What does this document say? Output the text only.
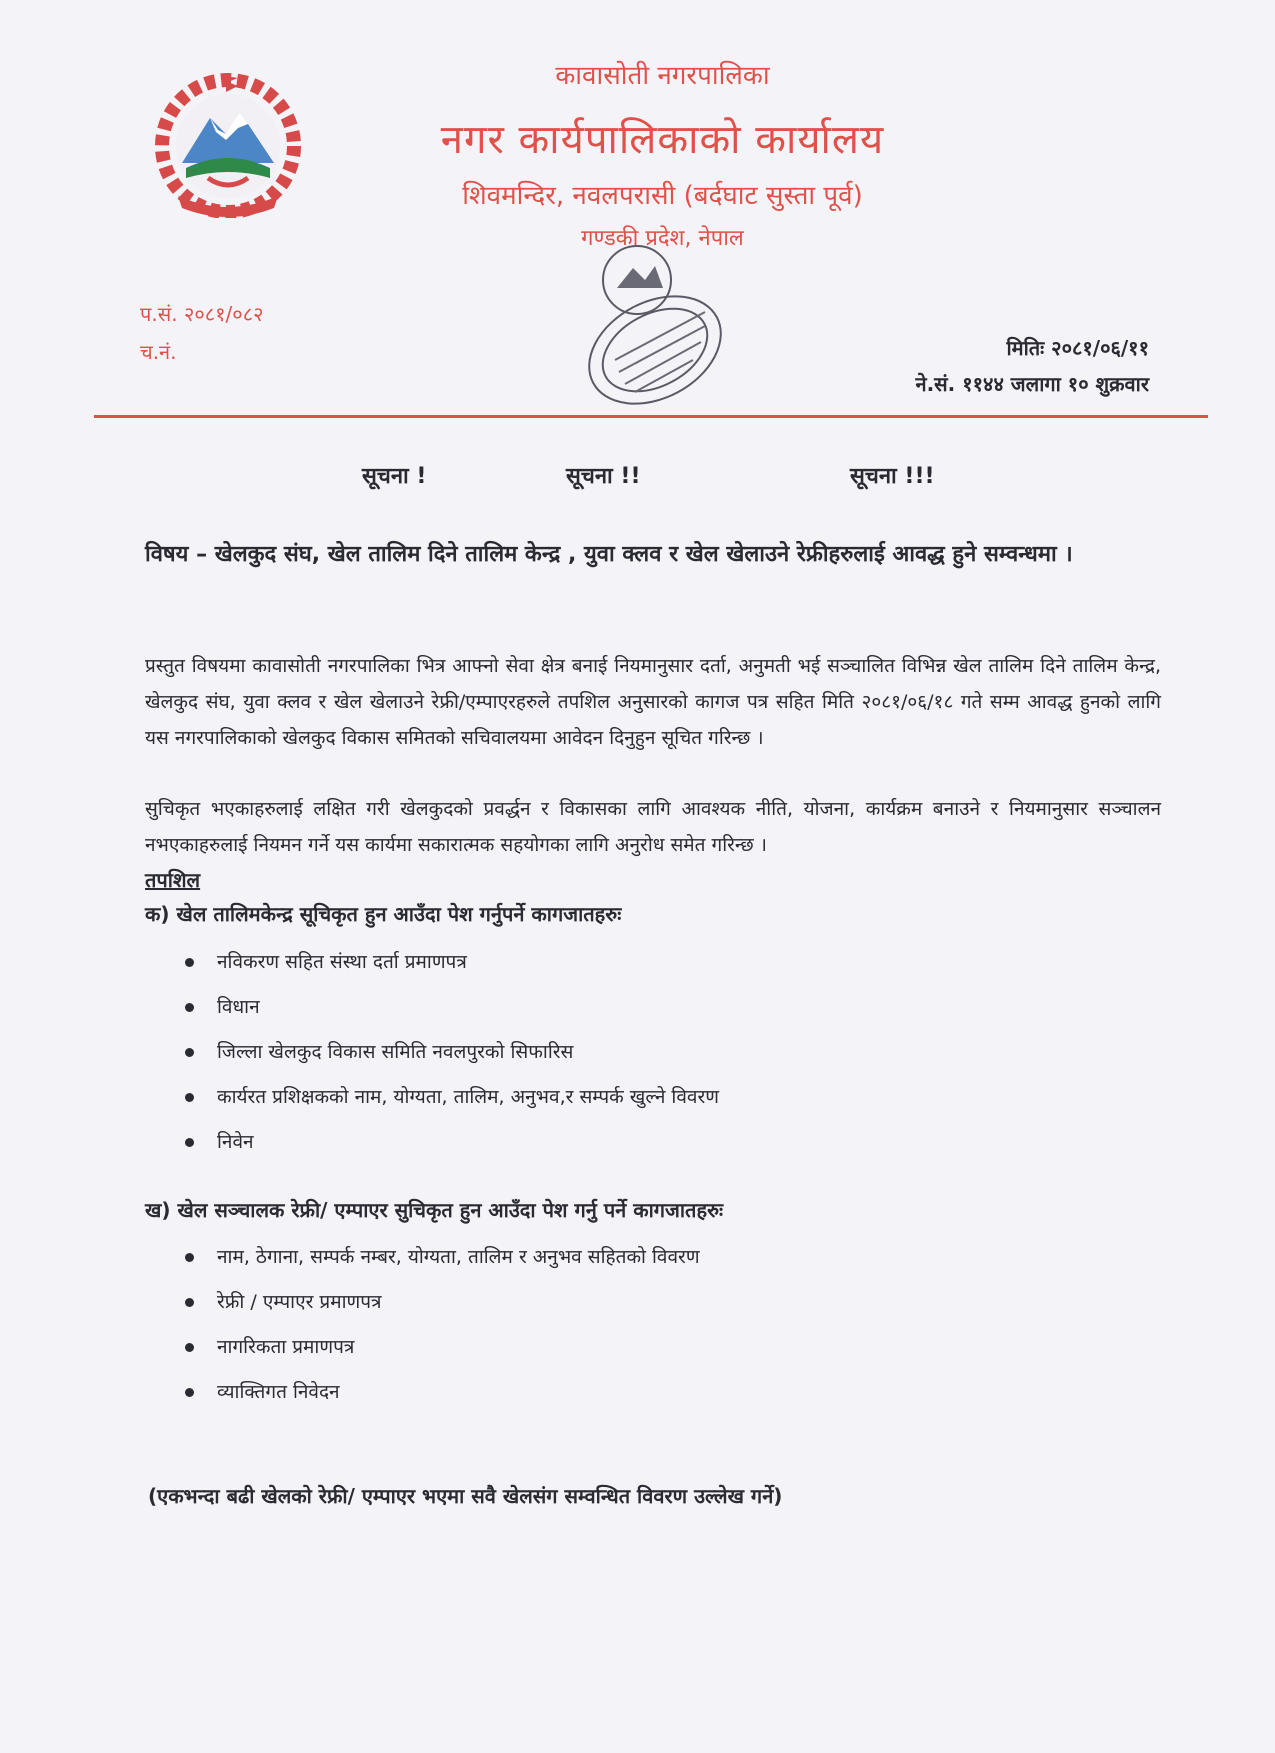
कावासोती नगरपालिका
नगर कार्यपालिकाको कार्यालय
शिवमन्दिर, नवलपरासी (बर्दघाट सुस्ता पूर्व)
गण्डकी प्रदेश, नेपाल
प.सं. २०८१/०८२
च.नं.	मितिः २०८१/०६/११
ने.सं. ११४४ जलागा १० शुक्रवार
सूचना !	सूचना !!	सूचना !!!
विषय – खेलकुद संघ, खेल तालिम दिने तालिम केन्द्र , युवा क्लव र खेल खेलाउने रेफ्रीहरुलाई आवद्ध हुने सम्वन्धमा ।
प्रस्तुत विषयमा कावासोती नगरपालिका भित्र आफ्नो सेवा क्षेत्र बनाई नियमानुसार दर्ता, अनुमती भई सञ्चालित विभिन्न खेल तालिम दिने तालिम केन्द्र, खेलकुद संघ, युवा क्लव र खेल खेलाउने रेफ्री/एम्पाएरहरुले तपशिल अनुसारको कागज पत्र सहित मिति २०८१/०६/१८ गते सम्म आवद्ध हुनको लागि यस नगरपालिकाको खेलकुद विकास समितको सचिवालयमा आवेदन दिनुहुन सूचित गरिन्छ ।
सुचिकृत भएकाहरुलाई लक्षित गरी खेलकुदको प्रवर्द्धन र विकासका लागि आवश्यक नीति, योजना, कार्यक्रम बनाउने र नियमानुसार सञ्चालन नभएकाहरुलाई नियमन गर्ने यस कार्यमा सकारात्मक सहयोगका लागि अनुरोध समेत गरिन्छ ।
तपशिल
क) खेल तालिमकेन्द्र सूचिकृत हुन आउँदा पेश गर्नुपर्ने कागजातहरुः
नविकरण सहित संस्था दर्ता प्रमाणपत्र
विधान
जिल्ला खेलकुद विकास समिति नवलपुरको सिफारिस
कार्यरत प्रशिक्षकको नाम, योग्यता, तालिम, अनुभव,र सम्पर्क खुल्ने विवरण
निवेन
ख) खेल सञ्चालक रेफ्री/ एम्पाएर सुचिकृत हुन आउँदा पेश गर्नु पर्ने कागजातहरुः
नाम, ठेगाना, सम्पर्क नम्बर, योग्यता, तालिम र अनुभव सहितको विवरण
रेफ्री / एम्पाएर प्रमाणपत्र
नागरिकता प्रमाणपत्र
व्याक्तिगत निवेदन
(एकभन्दा बढी खेलको रेफ्री/ एम्पाएर भएमा सवै खेलसंग सम्वन्धित विवरण उल्लेख गर्ने)
